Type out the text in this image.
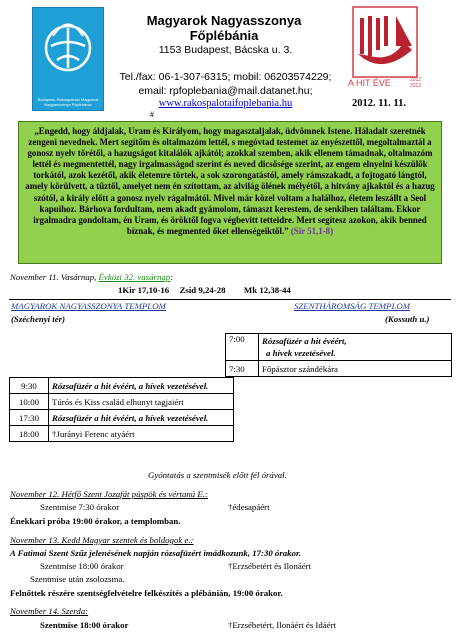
Budapest–Rákospalotai Magyarok Nagyasszonya Főplébánia
A HIT ÉVE	2012
2013
Magyarok Nagyasszonya Főplébánia
1153 Budapest, Bácska u. 3.
Tel./fax: 06-1-307-6315; mobil: 06203574229;
email: rpfoplebania@mail.datanet.hu;
www.rakospalotaifoplebania.hu	2012. 11. 11.
#
„Engedd, hogy áldjalak, Uram és Királyom, hogy magasztaljalak, üdvömnek Istene. Háladalt szeretnék zengeni nevednek. Mert segítőm és oltalmazóm lettél, s megóvtad testemet az enyészettől, megoltalmaztál a gonosz nyelv tőrétől, a hazugságot kitalálók ajkától; azokkal szemben, akik ellenem támadnak, oltalmazóm lettél és megmentettél, nagy irgalmasságod szerint és neved dicsősége szerint, az engem elnyelni készülők torkától, azok kezétől, akik életemre törtek, a sok szorongatástól, amely rámszakadt, a fojtogató lángtól, amely körülvett, a tűztől, amelyet nem én szítottam, az alvilág ölének mélyétől, a hitvány ajkaktól és a hazug szótól, a király előtt a gonosz nyelv rágalmától. Mivel már közel voltam a halálhoz, életem leszállt a Seol kapuihoz. Bárhova fordultam, nem akadt gyámolom, támaszt kerestem, de senkiben találtam. Ekkor irgalmadra gondoltam, én Uram, és öröktől fogva végbevitt tetteidre. Mert segítesz azokon, akik benned bíznak, és megmented őket ellenségeiktől.” (Sir 51,1-8)
November 11. Vasárnap, Évközi 32. vasárnap:
1Kir 17,10-16 Zsid 9,24-28 Mk 12,38-44
MAGYAROK NAGYASSZONYA TEMPLOM	SZENTHÁROMSÁG TEMPLOM
(Széchenyi tér)	(Kossuth u.)
7:00	Rózsafüzér a hit évéért,
a hívek vezetésével.

7:30	Főpásztor szándékára
9:30	Rózsafüzér a hit évéért, a hívek vezetésével.
10:00	Túrós és Kiss család elhunyt tagjaiért
17:30	Rózsafüzér a hit évéért, a hívek vezetésével.
18:00	†Jurányi Ferenc atyáért
Gyóntatás a szentmisék előtt fél órával.
November 12. Hétfő Szent Jozafát püspök és vértanú E.:
Szentmise 7:30 órakor	†édesapáért
Énekkari próba 19:00 órakor, a templomban.
November 13. Kedd Magyar szentek és boldogok e.:
A Fatimai Szent Szűz jelenésének napján rózsafüzért imádkozunk, 17:30 órakor.
Szentmise 18:00 órakor	†Erzsébetért és Ilonáért
Szentmise után zsolozsma.
Felnőttek részére szentségfelvételre felkészítés a plébánián, 19:00 órakor.
November 14. Szerda:
Szentmise 18:00 órakor	†Erzsébetért, Ilonáért és Idáért
